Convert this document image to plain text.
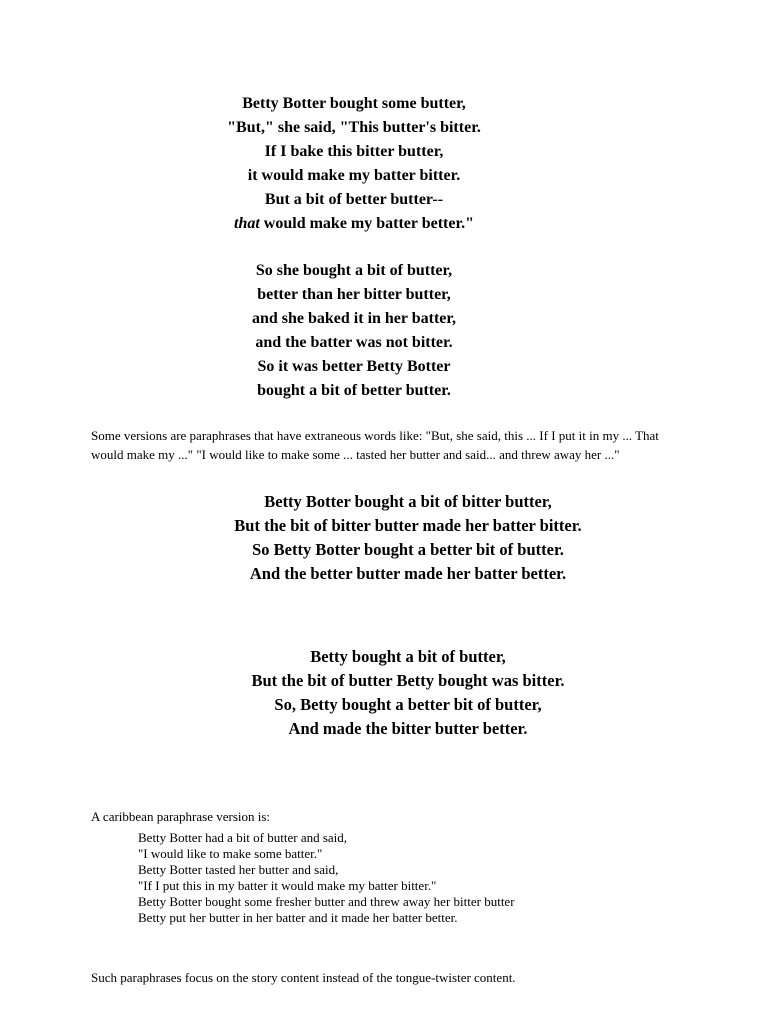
Betty Botter bought some butter,
"But," she said, "This butter's bitter.
If I bake this bitter butter,
it would make my batter bitter.
But a bit of better butter--
that would make my batter better."
So she bought a bit of butter,
better than her bitter butter,
and she baked it in her batter,
and the batter was not bitter.
So it was better Betty Botter
bought a bit of better butter.

Some versions are paraphrases that have extraneous words like: "But, she said, this ... If I put it in my ... That would make my ..." "I would like to make some ... tasted her butter and said... and threw away her ..."

Betty Botter bought a bit of bitter butter,
But the bit of bitter butter made her batter bitter.
So Betty Botter bought a better bit of butter.
And the better butter made her batter better.
Betty bought a bit of butter,
But the bit of butter Betty bought was bitter.
So, Betty bought a better bit of butter,
And made the bitter butter better.

A caribbean paraphrase version is:

Betty Botter had a bit of butter and said,
"I would like to make some batter."
Betty Botter tasted her butter and said,
"If I put this in my batter it would make my batter bitter."
Betty Botter bought some fresher butter and threw away her bitter butter
Betty put her butter in her batter and it made her batter better.

Such paraphrases focus on the story content instead of the tongue-twister content.
